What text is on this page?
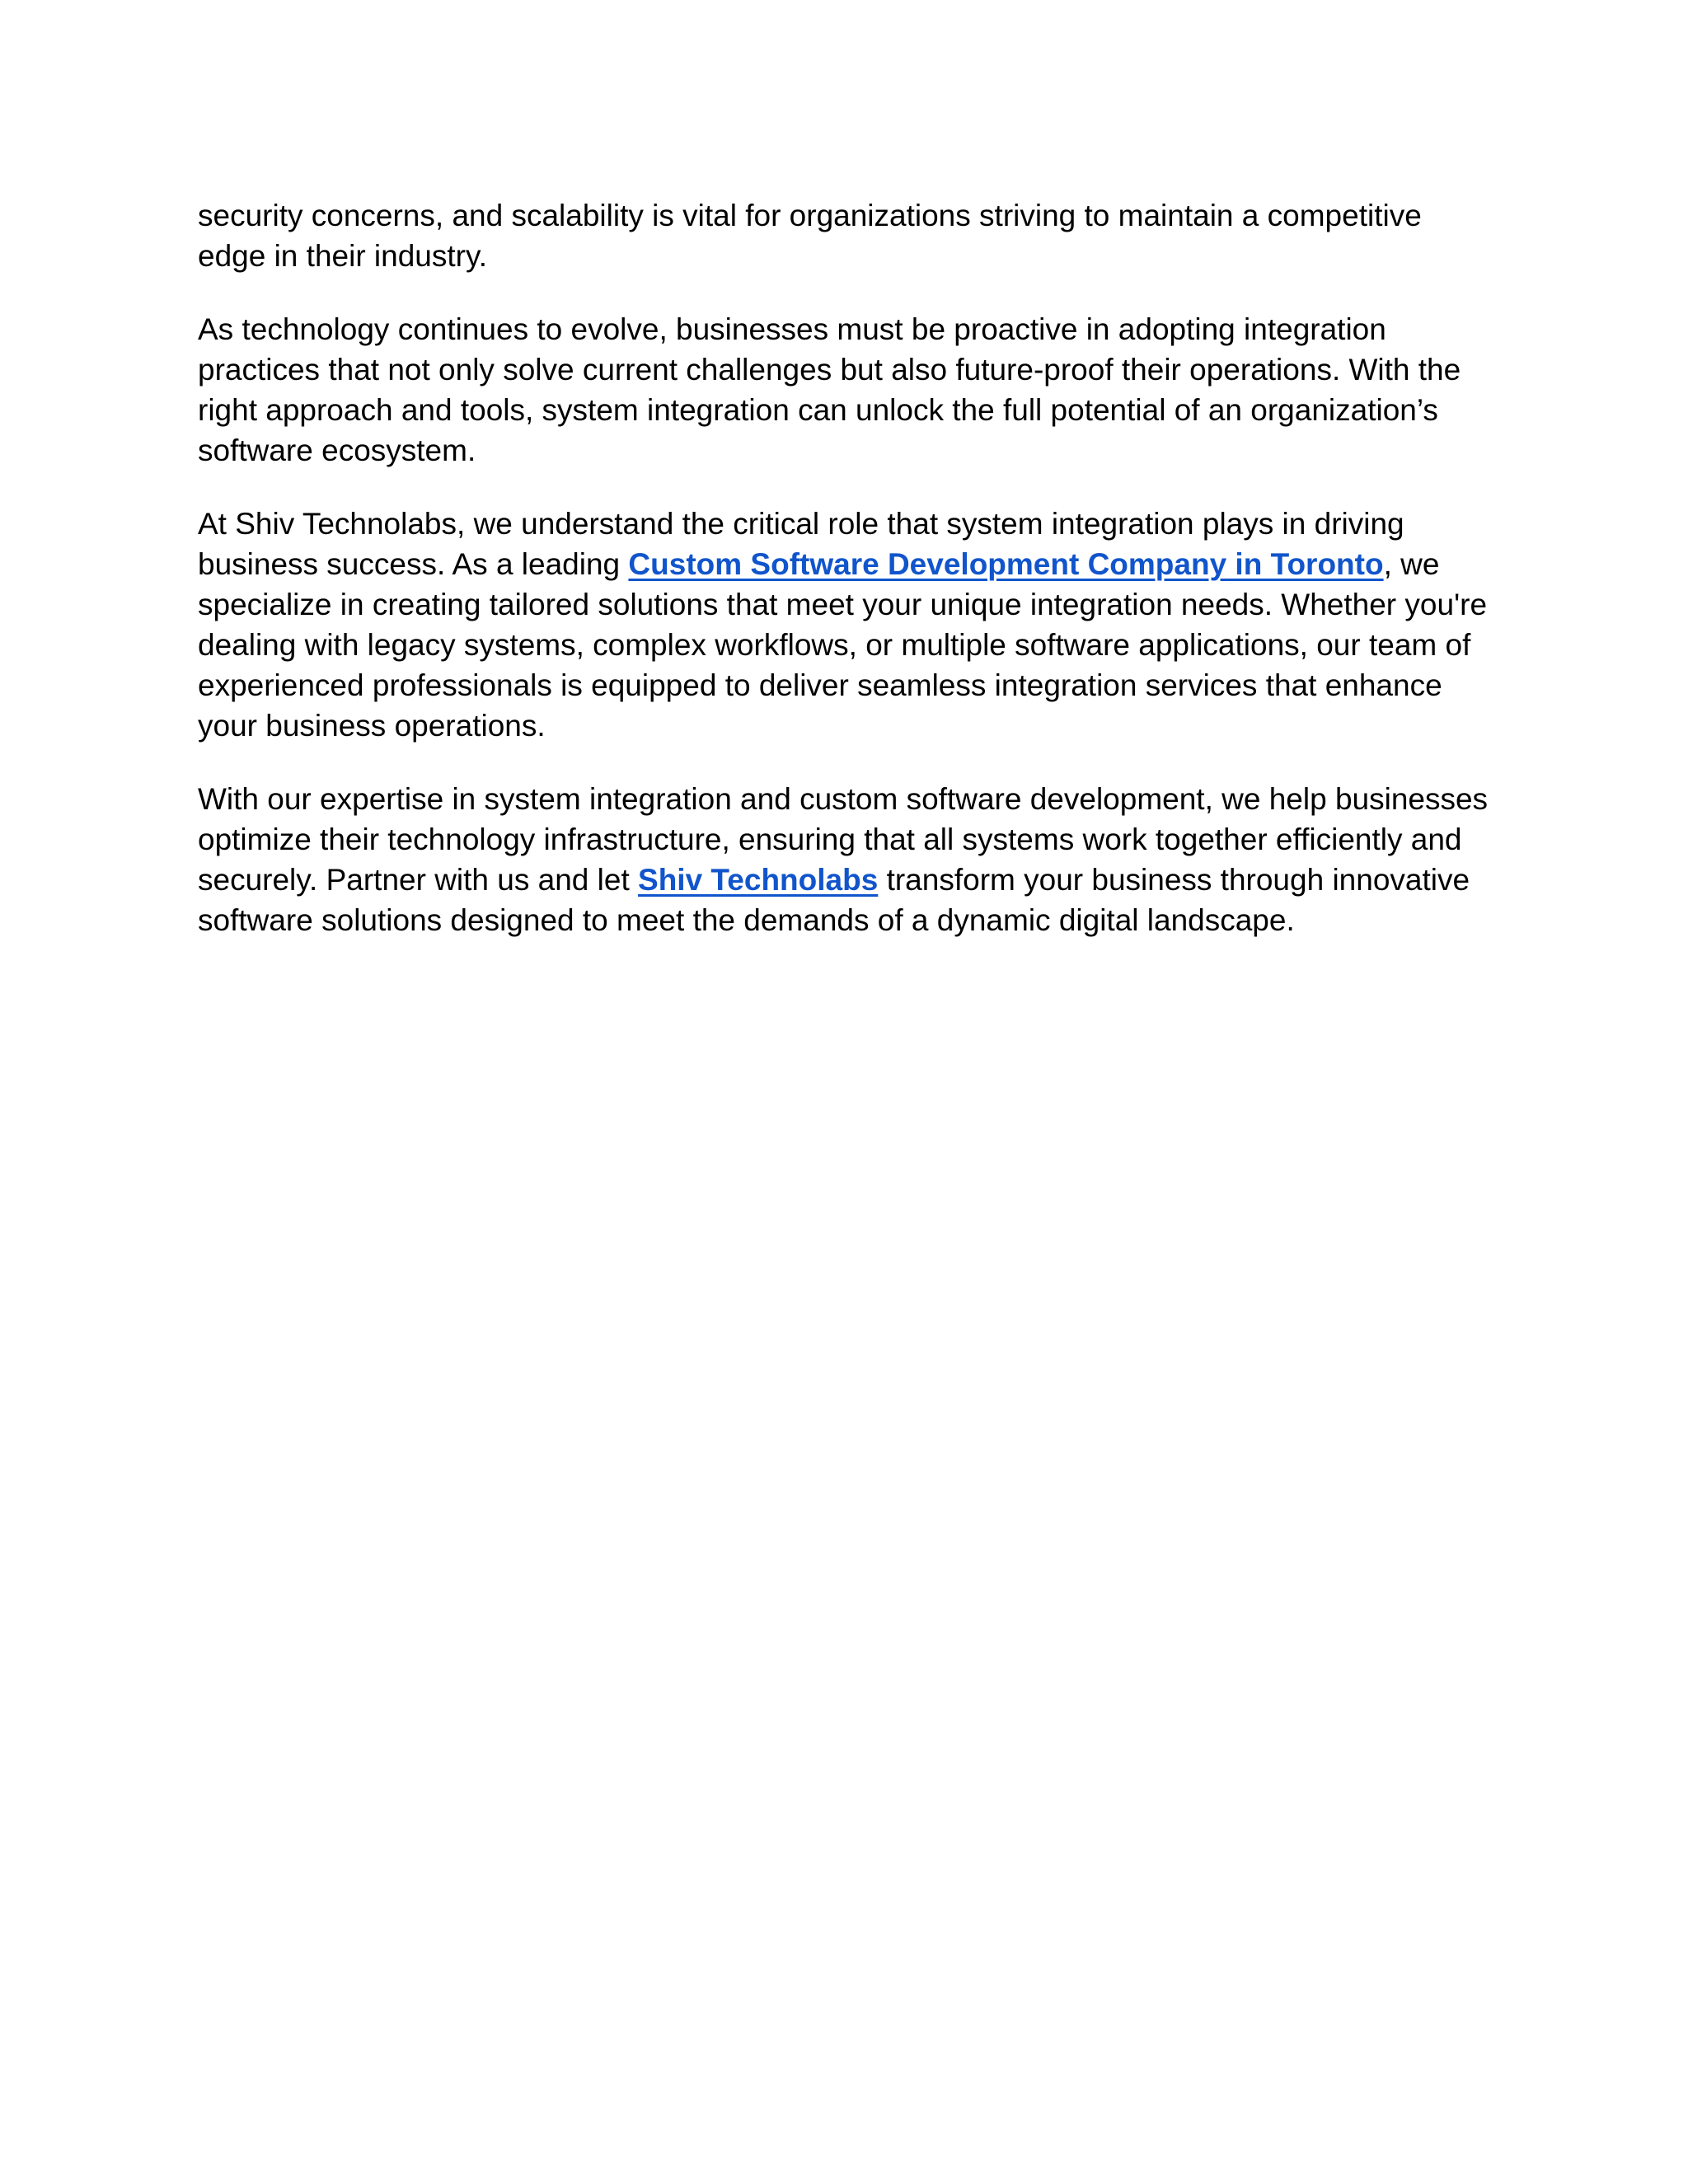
security concerns, and scalability is vital for organizations striving to maintain a competitive
edge in their industry.

As technology continues to evolve, businesses must be proactive in adopting integration
practices that not only solve current challenges but also future-proof their operations. With the
right approach and tools, system integration can unlock the full potential of an organization’s
software ecosystem.

At Shiv Technolabs, we understand the critical role that system integration plays in driving
business success. As a leading Custom Software Development Company in Toronto, we
specialize in creating tailored solutions that meet your unique integration needs. Whether you're
dealing with legacy systems, complex workflows, or multiple software applications, our team of
experienced professionals is equipped to deliver seamless integration services that enhance
your business operations.

With our expertise in system integration and custom software development, we help businesses
optimize their technology infrastructure, ensuring that all systems work together efficiently and
securely. Partner with us and let Shiv Technolabs transform your business through innovative
software solutions designed to meet the demands of a dynamic digital landscape.
